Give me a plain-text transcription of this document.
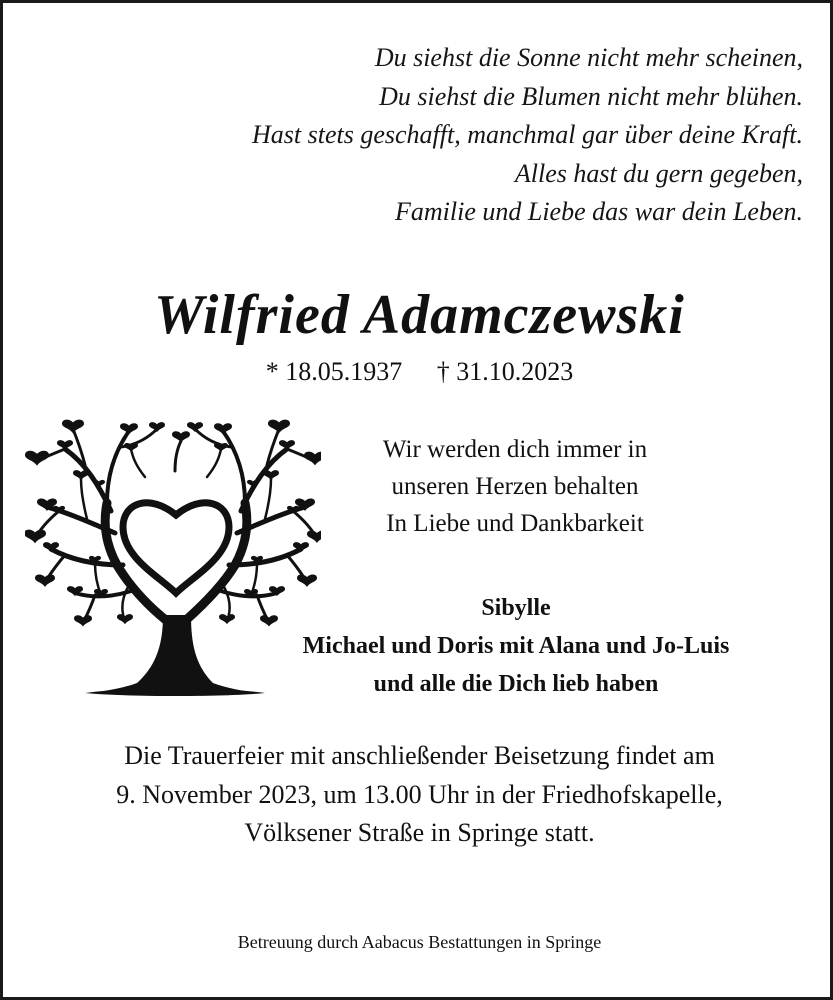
Du siehst die Sonne nicht mehr scheinen,
Du siehst die Blumen nicht mehr blühen.
Hast stets geschafft, manchmal gar über deine Kraft.
Alles hast du gern gegeben,
Familie und Liebe das war dein Leben.
Wilfried Adamczewski
* 18.05.1937 † 31.10.2023
Wir werden dich immer in
unseren Herzen behalten
In Liebe und Dankbarkeit
Sibylle
Michael und Doris mit Alana und Jo-Luis
und alle die Dich lieb haben
Die Trauerfeier mit anschließender Beisetzung findet am
9. November 2023, um 13.00 Uhr in der Friedhofskapelle,
Völksener Straße in Springe statt.
Betreuung durch Aabacus Bestattungen in Springe
